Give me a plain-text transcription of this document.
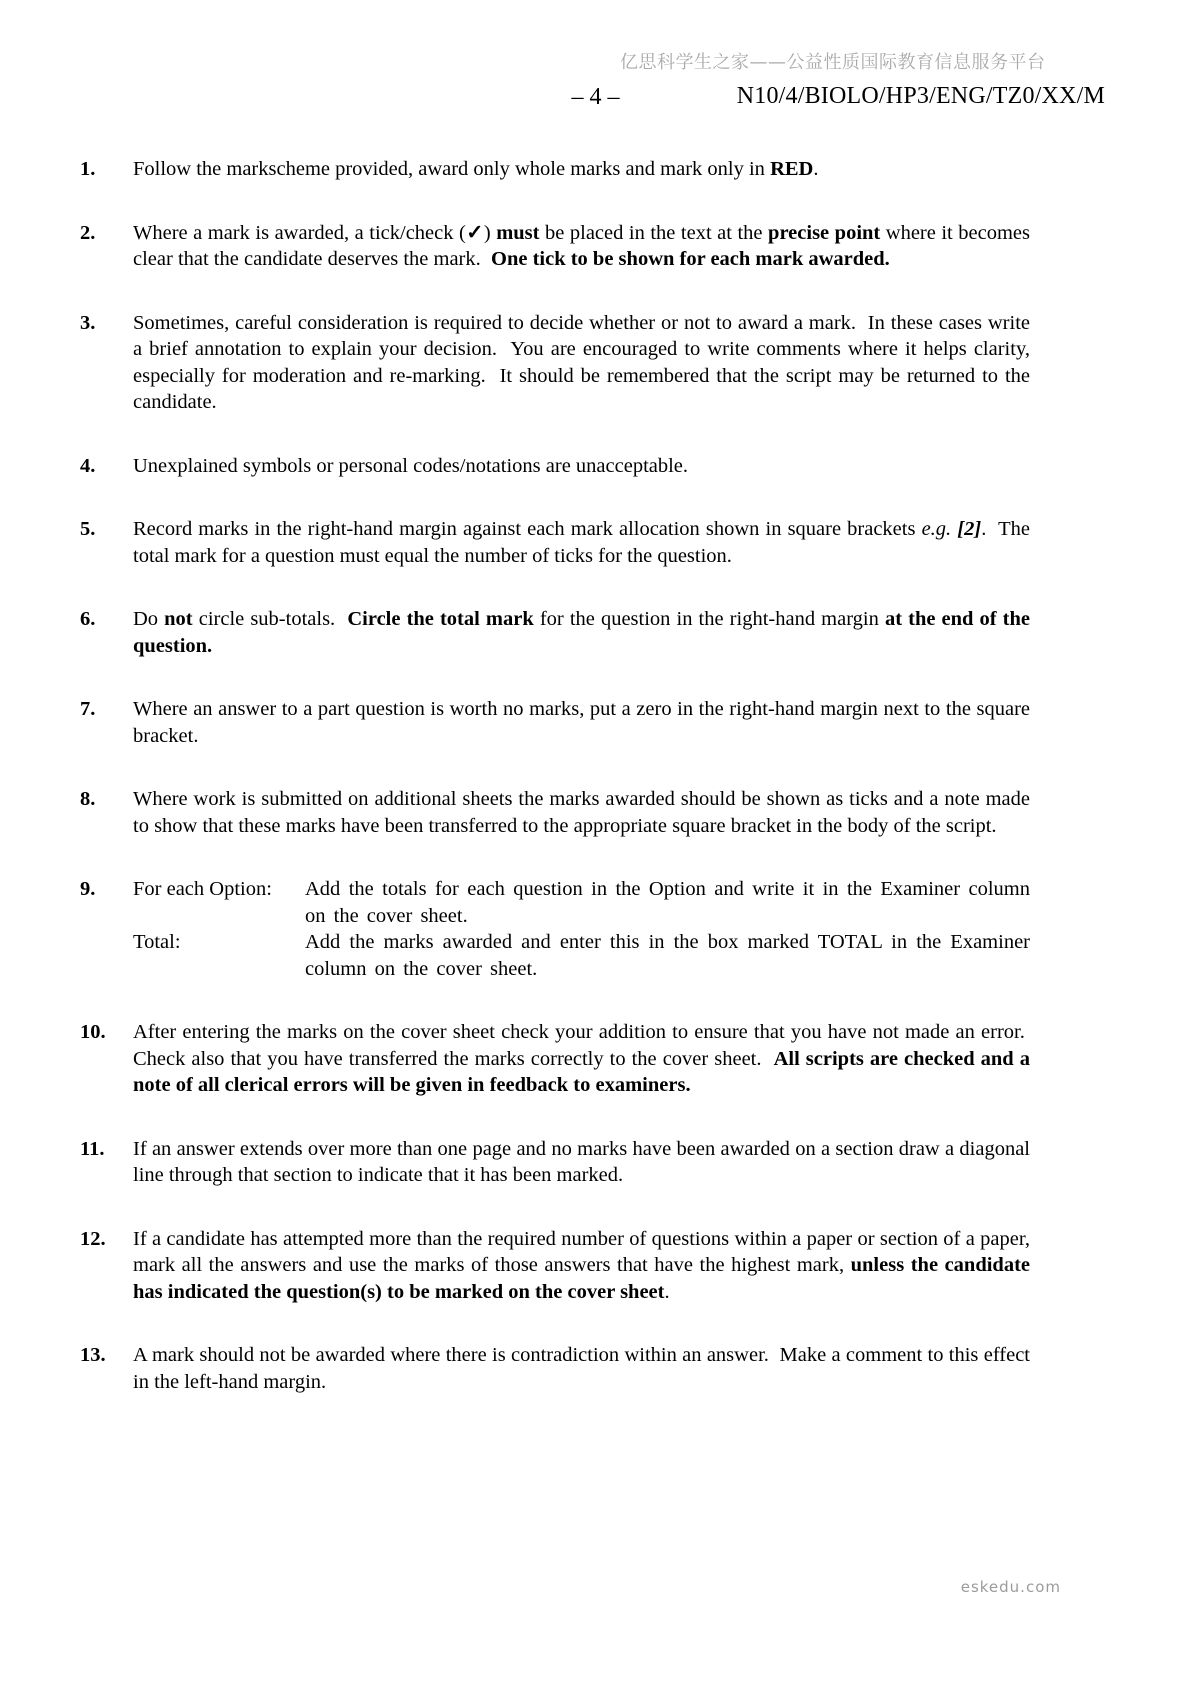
亿思科学生之家——公益性质国际教育信息服务平台
– 4 –	N10/4/BIOLO/HP3/ENG/TZ0/XX/M
1.	Follow the markscheme provided, award only whole marks and mark only in RED.
2.	Where a mark is awarded, a tick/check (✓) must be placed in the text at the precise point where it becomes clear that the candidate deserves the mark.  One tick to be shown for each mark awarded.
3.	Sometimes, careful consideration is required to decide whether or not to award a mark.  In these cases write a brief annotation to explain your decision.  You are encouraged to write comments where it helps clarity, especially for moderation and re-marking.  It should be remembered that the script may be returned to the candidate.
4.	Unexplained symbols or personal codes/notations are unacceptable.
5.	Record marks in the right-hand margin against each mark allocation shown in square brackets e.g. [2].  The total mark for a question must equal the number of ticks for the question.
6.	Do not circle sub-totals.  Circle the total mark for the question in the right-hand margin at the end of the question.
7.	Where an answer to a part question is worth no marks, put a zero in the right-hand margin next to the square bracket.
8.	Where work is submitted on additional sheets the marks awarded should be shown as ticks and a note made to show that these marks have been transferred to the appropriate square bracket in the body of the script.
9.	For each Option:	Add the totals for each question in the Option and write it in the Examiner column on the cover sheet.
Total:	Add the marks awarded and enter this in the box marked TOTAL in the Examiner column on the cover sheet.
10.	After entering the marks on the cover sheet check your addition to ensure that you have not made an error.  Check also that you have transferred the marks correctly to the cover sheet.  All scripts are checked and a note of all clerical errors will be given in feedback to examiners.
11.	If an answer extends over more than one page and no marks have been awarded on a section draw a diagonal line through that section to indicate that it has been marked.
12.	If a candidate has attempted more than the required number of questions within a paper or section of a paper, mark all the answers and use the marks of those answers that have the highest mark, unless the candidate has indicated the question(s) to be marked on the cover sheet.
13.	A mark should not be awarded where there is contradiction within an answer.  Make a comment to this effect in the left-hand margin.
eskedu.com
